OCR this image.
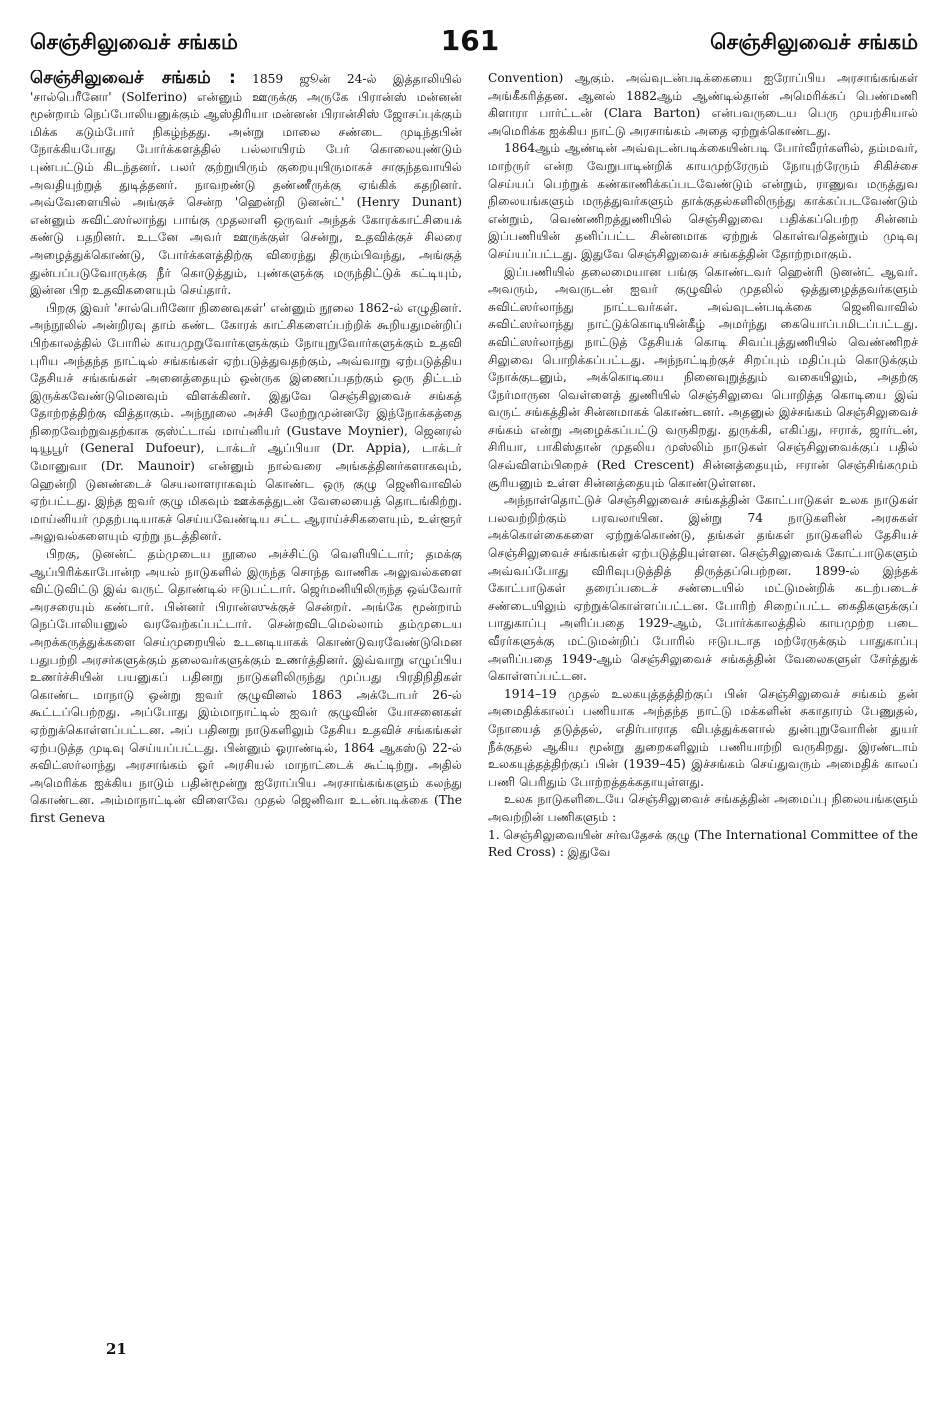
செஞ்சிலுவைச் சங்கம்	161	செஞ்சிலுவைச் சங்கம்

செஞ்சிலுவைச் சங்கம் : 1859 ஜூன் 24-ல் இத்தாலியில் 'சால்பெரீனோ' (Solferino) என்னும் ஊருக்கு அருகே பிரான்ஸ் மன்னன் மூன்றாம் நெப்போலியனுக்கும் ஆஸ்திரியா மன்னன் பிரான்சிஸ் ஜோசப்புக்கும் மிக்க கடும்போர் நிகழ்ந்தது. அன்று மாலை சண்டை முடிந்தபின் நோக்கியபோது போர்க்களத்தில் பல்லாயிரம் பேர் கொலையுண்டும் புண்பட்டும் கிடந்தனர். பலர் குற்றுயிரும் குறையுயிருமாகச் சாகுந்தவாயில் அவதியுற்றுத் துடித்தனர். நாவறண்டு தண்ணீருக்கு ஏங்கிக் கதறினர். அவ்வேளையில் அங்குச் சென்ற 'ஹென்றி டுனன்ட்' (Henry Dunant) என்னும் சுவிட்ஸர்லாந்து பாங்கு முதலாளி ஒருவர் அந்தக் கோரக்காட்சியைக் கண்டு பதறினர். உடனே அவர் ஊருக்குள் சென்று, உதவிக்குச் சிலரை அழைத்துக்கொண்டு, போர்க்களத்திற்கு விரைந்து திரும்பிவந்து, அங்குத் துன்பப்படுவோருக்கு நீர் கொடுத்தும், புண்களுக்கு மருந்திட்டுக் கட்டியும், இன்ன பிற உதவிகளையும் செய்தார்.

பிறகு இவர் 'சால்பெரினோ நினைவுகள்' என்னும் நூலை 1862-ல் எழுதினர். அந்நூலில் அன்றிரவு தாம் கண்ட கோரக் காட்சிகளைப்பற்றிக் கூறியதுமன்றிப் பிற்காலத்தில் போரில் காயமுறுவோர்களுக்கும் நோயுறுவோர்களுக்கும் உதவி புரிய அந்தந்த நாட்டில் சங்கங்கள் ஏற்படுத்துவதற்கும், அவ்வாறு ஏற்படுத்திய தேசியச் சங்கங்கள் அனைத்தையும் ஒன்ருக இணைப்பதற்கும் ஒரு திட்டம் இருக்கவேண்டுமெனவும் விளக்கினர். இதுவே செஞ்சிலுவைச் சங்கத் தோற்றத்திற்கு வித்தாகும். அந்நூலை அச்சி லேற்றுமுன்னரே இந்நோக்கத்தை நிறைவேற்றுவதற்காக குஸ்ட்டாவ் மாய்னியர் (Gustave Moynier), ஜெனரல் டியூபூர் (General Dufoeur), டாக்டர் ஆப்பியா (Dr. Appia), டாக்டர் மோனுவா (Dr. Maunoir) என்னும் நால்வரை அங்கத்தினர்களாகவும், ஹென்றி டுனண்டைச் செயலாளராகவும் கொண்ட ஒரு குழு ஜெனிவாவில் ஏற்பட்டது. இந்த ஐவர் குழு மிகவும் ஊக்கத்துடன் வேலையைத் தொடங்கிற்று. மாய்னியர் முதற்படியாகச் செய்யவேண்டிய சட்ட ஆராய்ச்சிகளையும், உள்ளூர் அலுவல்களையும் ஏற்று நடத்தினர்.

பிறகு, டுனன்ட் தம்முடைய நூலை அச்சிட்டு வெளியிட்டார்; தமக்கு ஆப்பிரிக்காபோன்ற அயல் நாடுகளில் இருந்த சொந்த வாணிக அலுவல்களை விட்டுவிட்டு இவ் வருட் தொண்டில் ஈடுபட்டார். ஜெர்மனியிலிருந்த ஒவ்வோர் அரசரையும் கண்டார். பின்னர் பிரான்ஸுக்குச் சென்றர். அங்கே மூன்றாம் நெப்போலியனுல் வரவேற்கப்பட்டார். சென்றவிடமெல்லாம் தம்முடைய அறக்கருத்துக்களை செய்முறையில் உடனடியாகக் கொண்டுவரவேண்டுமென பதுபற்றி அரசர்களுக்கும் தலைவர்களுக்கும் உணர்த்தினர். இவ்வாறு எழுப்பிய உணர்ச்சியின் பயனுகப் பதினறு நாடுகளிலிருந்து முப்பது பிரதிநிதிகள் கொண்ட மாநாடு ஒன்று ஐவர் குழுவினல் 1863 அக்டோபர் 26-ல் கூட்டப்பெற்றது. அப்போது இம்மாநாட்டில் ஐவர் குழுவின் யோசனைகள் ஏற்றுக்கொள்ளப்பட்டன. அப் பதினறு நாடுகளிலும் தேசிய உதவிச் சங்கங்கள் ஏற்படுத்த முடிவு செய்யப்பட்டது. பின்னும் ஓராண்டில், 1864 ஆகஸ்டு 22-ல் சுவிட்ஸர்லாந்து அரசாங்கம் ஓர் அரசியல் மாநாட்டைக் கூட்டிற்று. அதில் அமெரிக்க ஐக்கிய நாடும் பதின்மூன்று ஐரோப்பிய அரசாங்கங்களும் கலந்து கொண்டன. அம்மாநாட்டின் விளைவே முதல் ஜெனிவா உடன்படிக்கை (The first Geneva

Convention) ஆகும். அவ்வுடன்படிக்கையை ஐரோப்பிய அரசாங்கங்கள் அங்கீகரித்தன. ஆனல் 1882ஆம் ஆண்டில்தான் அமெரிக்கப் பெண்மணி கிளாரா பார்ட்டன் (Clara Barton) என்பவருடைய பெரு முயற்சியால் அமெரிக்க ஐக்கிய நாட்டு அரசாங்கம் அதை ஏற்றுக்கொண்டது.

1864ஆம் ஆண்டின் அவ்வுடன்படிக்கையின்படி போர்வீரர்களில், தம்மவர், மாற்ருர் என்ற வேறுபாடின்றிக் காயமுற்ரேரும் நோயுற்ரேரும் சிகிச்சை செய்யப் பெற்றுக் கண்காணிக்கப்படவேண்டும் என்றும், ராணுவ மருத்துவ நிலையங்களும் மருத்துவர்களும் தாக்குதல்களிலிருந்து காக்கப்படவேண்டும் என்றும், வெண்ணிறத்துணியில் செஞ்சிலுவை பதிக்கப்பெற்ற சின்னம் இப்பணியின் தனிப்பட்ட சின்னமாக ஏற்றுக் கொள்வதென்றும் முடிவு செய்யப்பட்டது. இதுவே செஞ்சிலுவைச் சங்கத்தின் தோற்றமாகும்.

இப்பணியில் தலைமையான பங்கு கொண்டவர் ஹென்ரி டுனன்ட் ஆவர். அவரும், அவருடன் ஐவர் குழுவில் முதலில் ஒத்துழைத்தவர்களும் சுவிட்ஸர்லாந்து நாட்டவர்கள். அவ்வுடன்படிக்கை ஜெனிவாவில் சுவிட்ஸர்லாந்து நாட்டுக்கொடியின்கீழ் அமர்ந்து கையொப்பமிடப்பட்டது. சுவிட்ஸர்லாந்து நாட்டுத் தேசியக் கொடி சிவப்புத்துணியில் வெண்ணிறச் சிலுவை பொறிக்கப்பட்டது. அந்நாட்டிற்குச் சிறப்பும் மதிப்பும் கொடுக்கும் நோக்குடனும், அக்கொடியை நினைவுறுத்தும் வகையிலும், அதற்கு நேர்மாருன வெள்ளைத் துணியில் செஞ்சிலுவை பொறித்த கொடியை இவ் வருட் சங்கத்தின் சின்னமாகக் கொண்டனர். அதனுல் இச்சங்கம் செஞ்சிலுவைச் சங்கம் என்று அழைக்கப்பட்டு வருகிறது. துருக்கி, எகிப்து, ஈராக், ஜார்டன், சிரியா, பாகிஸ்தான் முதலிய முஸ்லிம் நாடுகள் செஞ்சிலுவைக்குப் பதில் செவ்விளம்பிறைச் (Red Crescent) சின்னத்தையும், ஈரான் செஞ்சிங்கமும் சூரியனும் உள்ள சின்னத்தையும் கொண்டுள்ளன.

அந்நாள்தொட்டுச் செஞ்சிலுவைச் சங்கத்தின் கோட்பாடுகள் உலக நாடுகள் பலவற்றிற்கும் பரவலாயின. இன்று 74 நாடுகளின் அரசுகள் அக்கொள்கைகளை ஏற்றுக்கொண்டு, தங்கள் தங்கள் நாடுகளில் தேசியச் செஞ்சிலுவைச் சங்கங்கள் ஏற்படுத்தியுள்ளன. செஞ்சிலுவைக் கோட்பாடுகளும் அவ்வப்போது விரிவுபடுத்தித் திருத்தப்பெற்றன. 1899-ல் இந்தக் கோட்பாடுகள் தரைப்படைச் சண்டையில் மட்டுமன்றிக் கடற்படைச் சண்டையிலும் ஏற்றுக்கொள்ளப்பட்டன. போரிற் சிறைப்பட்ட கைதிகளுக்குப் பாதுகாப்பு அளிப்பதை 1929-ஆம், போர்க்காலத்தில் காயமுற்ற படை வீரர்களுக்கு மட்டுமன்றிப் போரில் ஈடுபடாத மற்ரேருக்கும் பாதுகாப்பு அளிப்பதை 1949-ஆம் செஞ்சிலுவைச் சங்கத்தின் வேலைகளுள் சேர்த்துக் கொள்ளப்பட்டன.

1914–19 முதல் உலகயுத்தத்திற்குப் பின் செஞ்சிலுவைச் சங்கம் தன் அமைதிக்காலப் பணியாக அந்தந்த நாட்டு மக்களின் சுகாதாரம் பேணுதல், நோயைத் தடுத்தல், எதிர்பாராத விபத்துக்களால் துன்புறுவோரின் துயர் நீக்குதல் ஆகிய மூன்று துறைகளிலும் பணியாற்றி வருகிறது. இரண்டாம் உலகயுத்தத்திற்குப் பின் (1939–45) இச்சங்கம் செய்துவரும் அமைதிக் காலப் பணி பெரிதும் போற்றத்தக்கதாயுள்ளது.

உலக நாடுகளிடையே செஞ்சிலுவைச் சங்கத்தின் அமைப்பு நிலையங்களும் அவற்றின் பணிகளும் :

1. செஞ்சிலுவையின் சர்வதேசக் குழு (The International Committee of the Red Cross) : இதுவே

21
